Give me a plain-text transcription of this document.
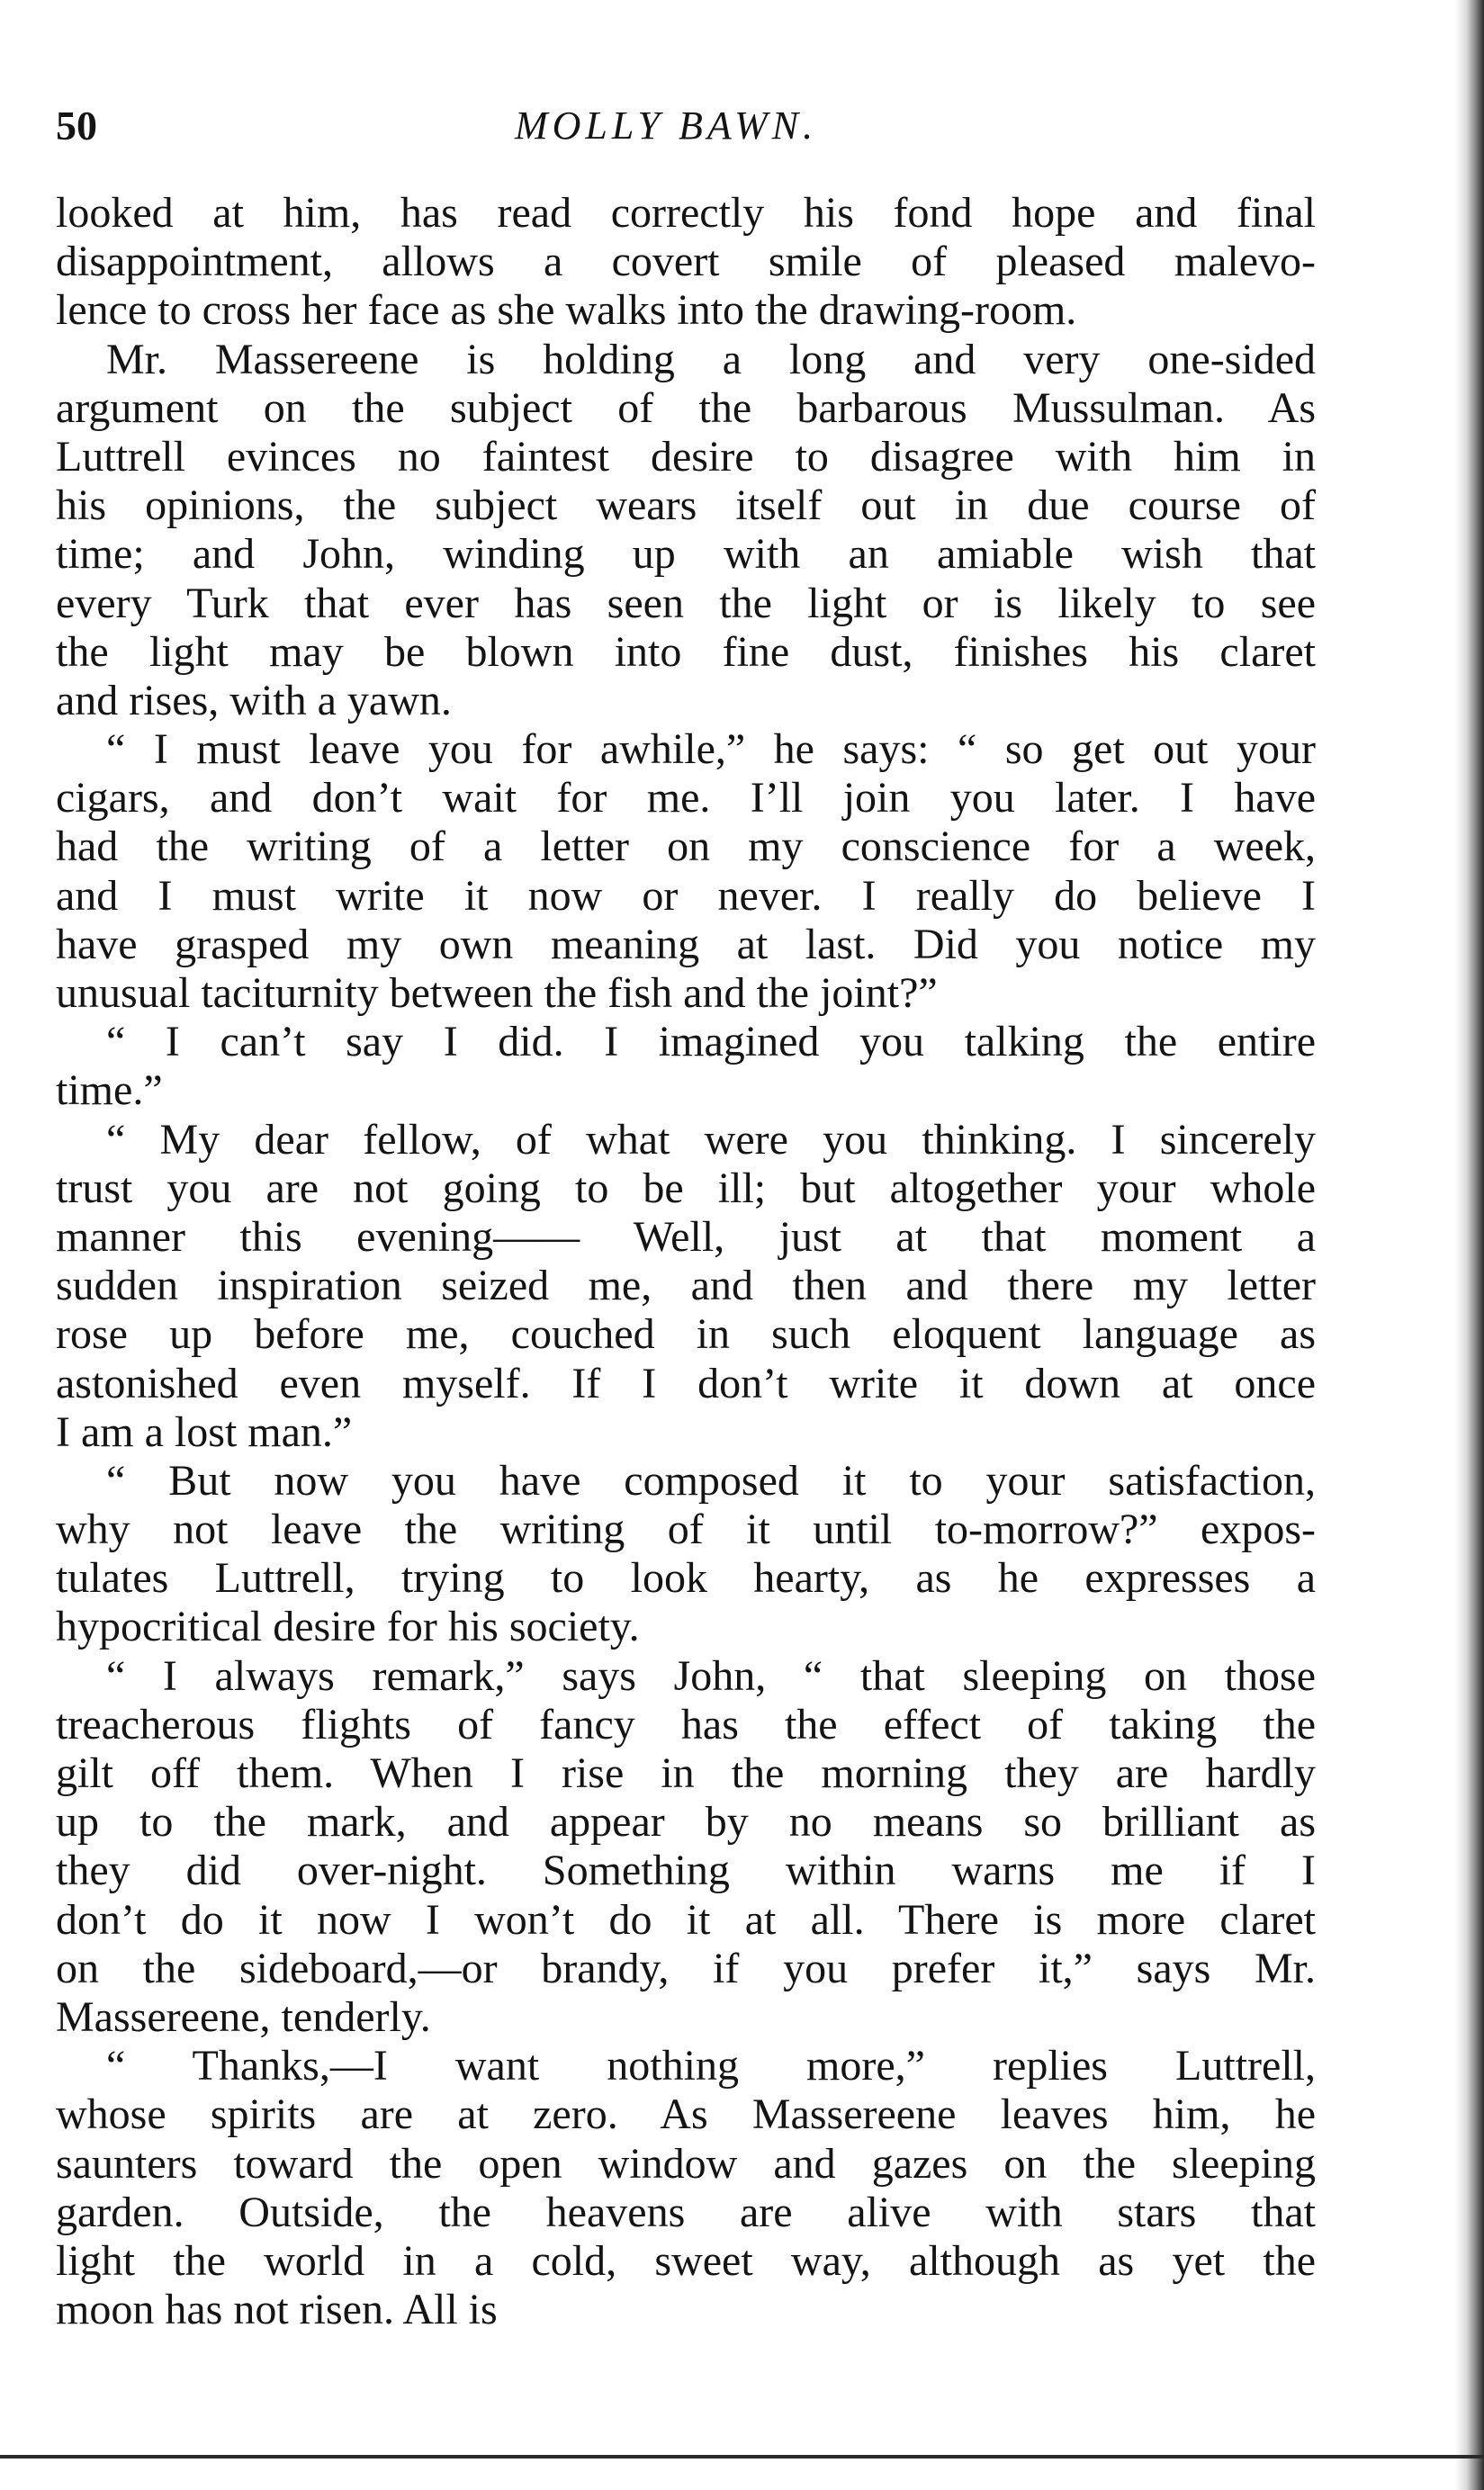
50	MOLLY BAWN.
looked at him, has read correctly his fond hope and final
disappointment, allows a covert smile of pleased malevo-
lence to cross her face as she walks into the drawing-room.
Mr. Massereene is holding a long and very one-sided
argument on the subject of the barbarous Mussulman. As
Luttrell evinces no faintest desire to disagree with him in
his opinions, the subject wears itself out in due course of
time; and John, winding up with an amiable wish that
every Turk that ever has seen the light or is likely to see
the light may be blown into fine dust, finishes his claret
and rises, with a yawn.
“ I must leave you for awhile,” he says: “ so get out your
cigars, and don’t wait for me. I’ll join you later. I have
had the writing of a letter on my conscience for a week,
and I must write it now or never. I really do believe I
have grasped my own meaning at last. Did you notice my
unusual taciturnity between the fish and the joint?”
“ I can’t say I did. I imagined you talking the entire
time.”
“ My dear fellow, of what were you thinking. I sincerely
trust you are not going to be ill; but altogether your whole
manner this evening—— Well, just at that moment a
sudden inspiration seized me, and then and there my letter
rose up before me, couched in such eloquent language as
astonished even myself. If I don’t write it down at once
I am a lost man.”
“ But now you have composed it to your satisfaction,
why not leave the writing of it until to-morrow?” expos-
tulates Luttrell, trying to look hearty, as he expresses a
hypocritical desire for his society.
“ I always remark,” says John, “ that sleeping on those
treacherous flights of fancy has the effect of taking the
gilt off them. When I rise in the morning they are hardly
up to the mark, and appear by no means so brilliant as
they did over-night. Something within warns me if I
don’t do it now I won’t do it at all. There is more claret
on the sideboard,—or brandy, if you prefer it,” says Mr.
Massereene, tenderly.
“ Thanks,—I want nothing more,” replies Luttrell,
whose spirits are at zero. As Massereene leaves him, he
saunters toward the open window and gazes on the sleeping
garden. Outside, the heavens are alive with stars that
light the world in a cold, sweet way, although as yet the
moon has not risen. All is
